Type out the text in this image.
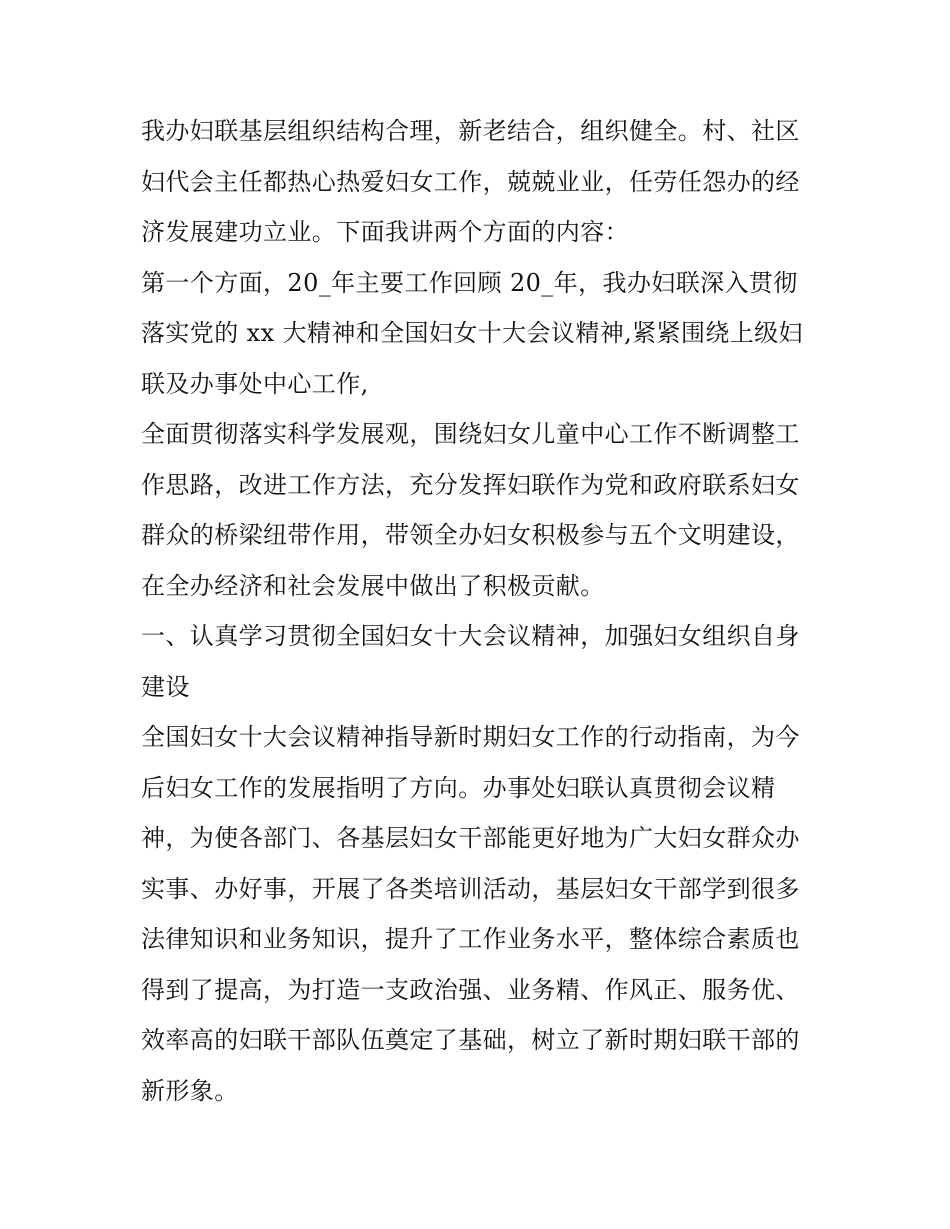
我办妇联基层组织结构合理，新老结合，组织健全。村、社区

妇代会主任都热心热爱妇女工作，兢兢业业，任劳任怨办的经

济发展建功立业。下面我讲两个方面的内容：

第一个方面，20_年主要工作回顾 20_年，我办妇联深入贯彻

落实党的 xx 大精神和全国妇女十大会议精神,紧紧围绕上级妇

联及办事处中心工作,

全面贯彻落实科学发展观，围绕妇女儿童中心工作不断调整工

作思路，改进工作方法，充分发挥妇联作为党和政府联系妇女

群众的桥梁纽带作用，带领全办妇女积极参与五个文明建设，

在全办经济和社会发展中做出了积极贡献。

一、认真学习贯彻全国妇女十大会议精神，加强妇女组织自身

建设

全国妇女十大会议精神指导新时期妇女工作的行动指南，为今

后妇女工作的发展指明了方向。办事处妇联认真贯彻会议精

神，为使各部门、各基层妇女干部能更好地为广大妇女群众办

实事、办好事，开展了各类培训活动，基层妇女干部学到很多

法律知识和业务知识，提升了工作业务水平，整体综合素质也

得到了提高，为打造一支政治强、业务精、作风正、服务优、

效率高的妇联干部队伍奠定了基础，树立了新时期妇联干部的

新形象。
